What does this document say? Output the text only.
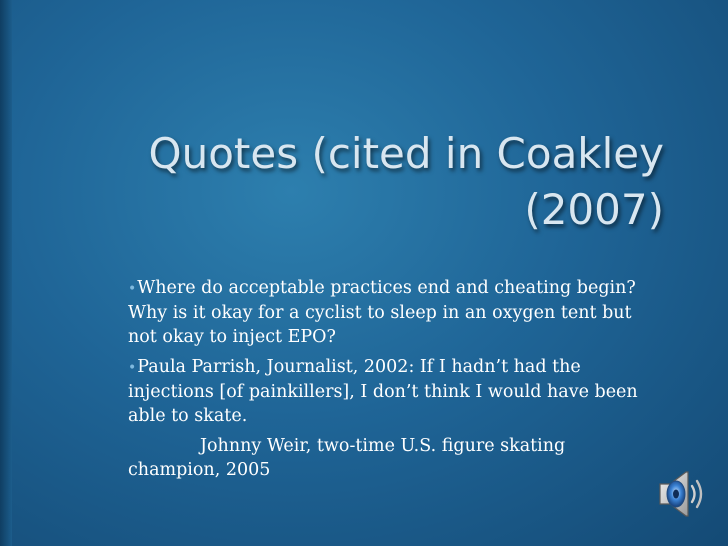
Quotes (cited in Coakley
(2007)

•Where do acceptable practices end and cheating begin? Why is it okay for a cyclist to sleep in an oxygen tent but not okay to inject EPO?

•Paula Parrish, Journalist, 2002: If I hadn’t had the injections [of painkillers], I don’t think I would have been able to skate.

Johnny Weir, two-time U.S. figure skating champion, 2005
